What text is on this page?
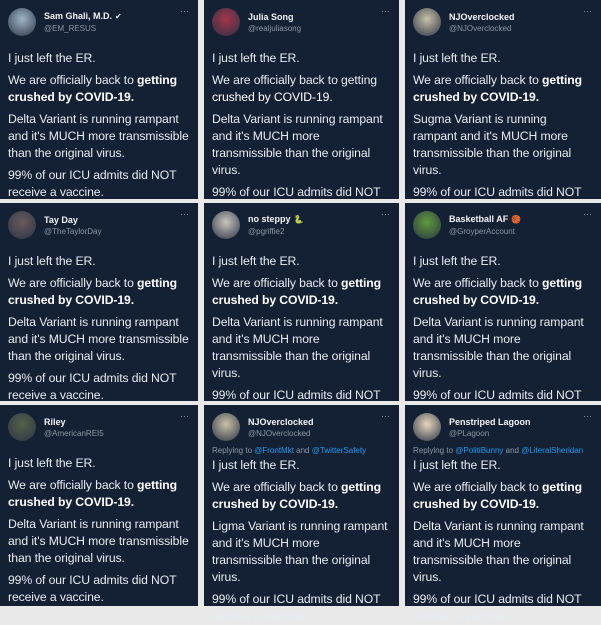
Sam Ghali, M.D. ✔
@EM_RESUS
···

I just left the ER.

We are officially back to getting crushed by COVID-19.

Delta Variant is running rampant and it's MUCH more transmissible than the original virus.

99% of our ICU admits did NOT receive a vaccine.

Julia Song
@realjuliasong
···

I just left the ER.

We are officially back to getting crushed by COVID-19.

Delta Variant is running rampant and it's MUCH more transmissible than the original virus.

99% of our ICU admits did NOT

NJOverclocked
@NJOverclocked
···

I just left the ER.

We are officially back to getting crushed by COVID-19.

Sugma Variant is running rampant and it's MUCH more transmissible than the original virus.

99% of our ICU admits did NOT

Tay Day
@TheTaylorDay
···

I just left the ER.

We are officially back to getting crushed by COVID-19.

Delta Variant is running rampant and it's MUCH more transmissible than the original virus.

99% of our ICU admits did NOT receive a vaccine.

no steppy 🐍
@pgriffie2
···

I just left the ER.

We are officially back to getting crushed by COVID-19.

Delta Variant is running rampant and it's MUCH more transmissible than the original virus.

99% of our ICU admits did NOT

Basketball AF 🏀
@GroyperAccount
···

I just left the ER.

We are officially back to getting crushed by COVID-19.

Delta Variant is running rampant and it's MUCH more transmissible than the original virus.

99% of our ICU admits did NOT

Riley
@AmericanREI5
···

I just left the ER.

We are officially back to getting crushed by COVID-19.

Delta Variant is running rampant and it's MUCH more transmissible than the original virus.

99% of our ICU admits did NOT receive a vaccine.

NJOverclocked
@NJOverclocked
···
Replying to @FrontMkt and @TwitterSafety

I just left the ER.

We are officially back to getting crushed by COVID-19.

Ligma Variant is running rampant and it's MUCH more transmissible than the original virus.

99% of our ICU admits did NOT receive a vaccine.

Penstriped Lagoon
@PLagoon
···
Replying to @PolitiBunny and @LiteralSheridan

I just left the ER.

We are officially back to getting crushed by COVID-19.

Delta Variant is running rampant and it's MUCH more transmissible than the original virus.

99% of our ICU admits did NOT receive a vaccine.
